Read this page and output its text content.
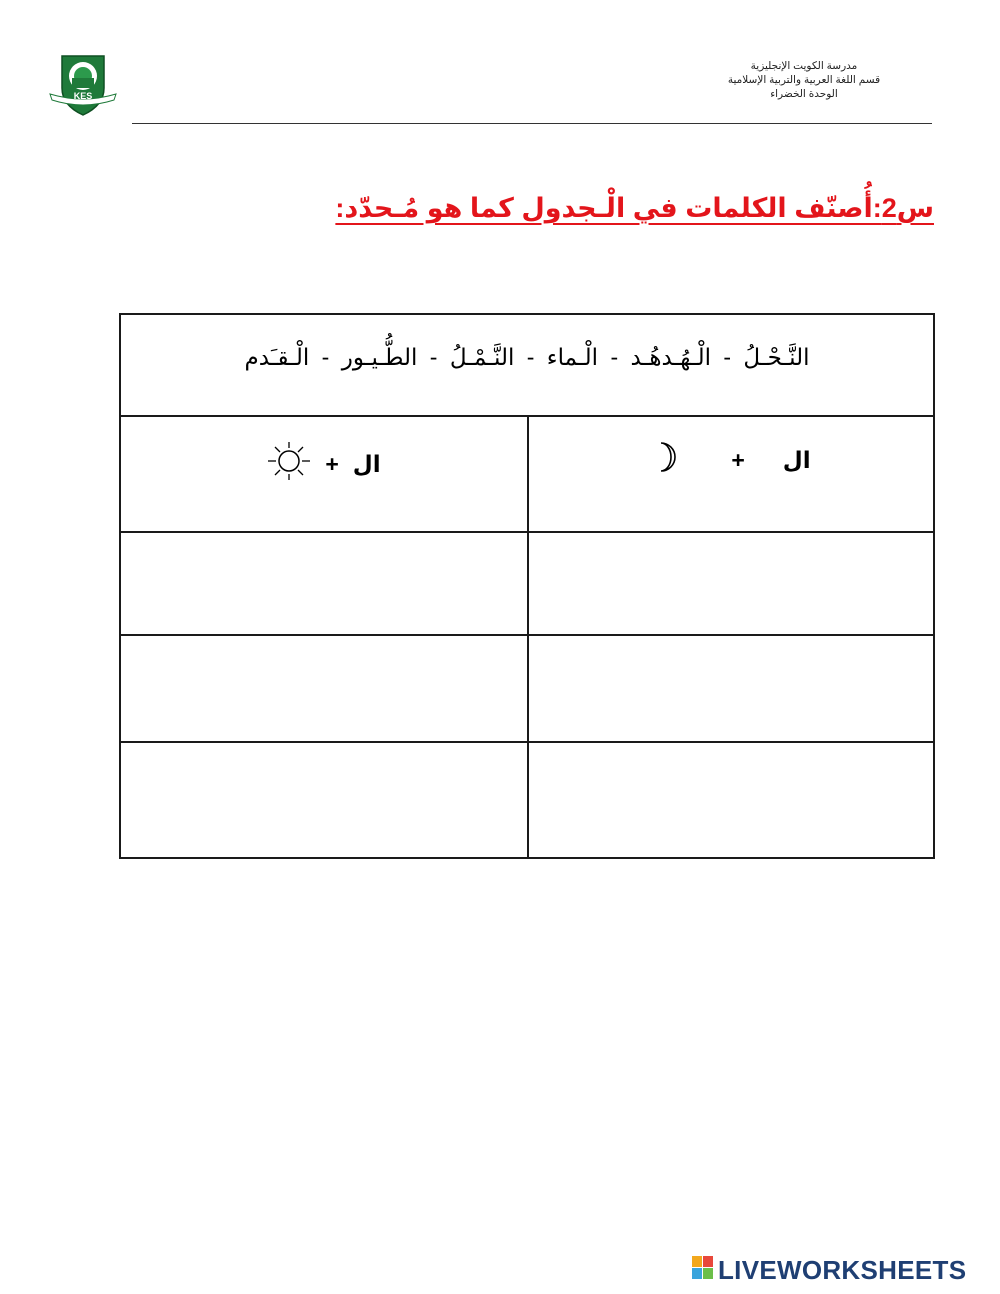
KES
مدرسة الكويت الإنجليزية
قسم اللغة العربية والتربية الإسلامية
الوحدة الخضراء
س2:أُصنّف الكلمات في الْـجدول كما هو مُـحدّد:
النَّـحْـلُ - الْـهُـدهُـد - الْـماء - النَّـمْـلُ - الطُّـيـور - الْـقـَدم
+ ال
+ ال
LIVEWORKSHEETS
